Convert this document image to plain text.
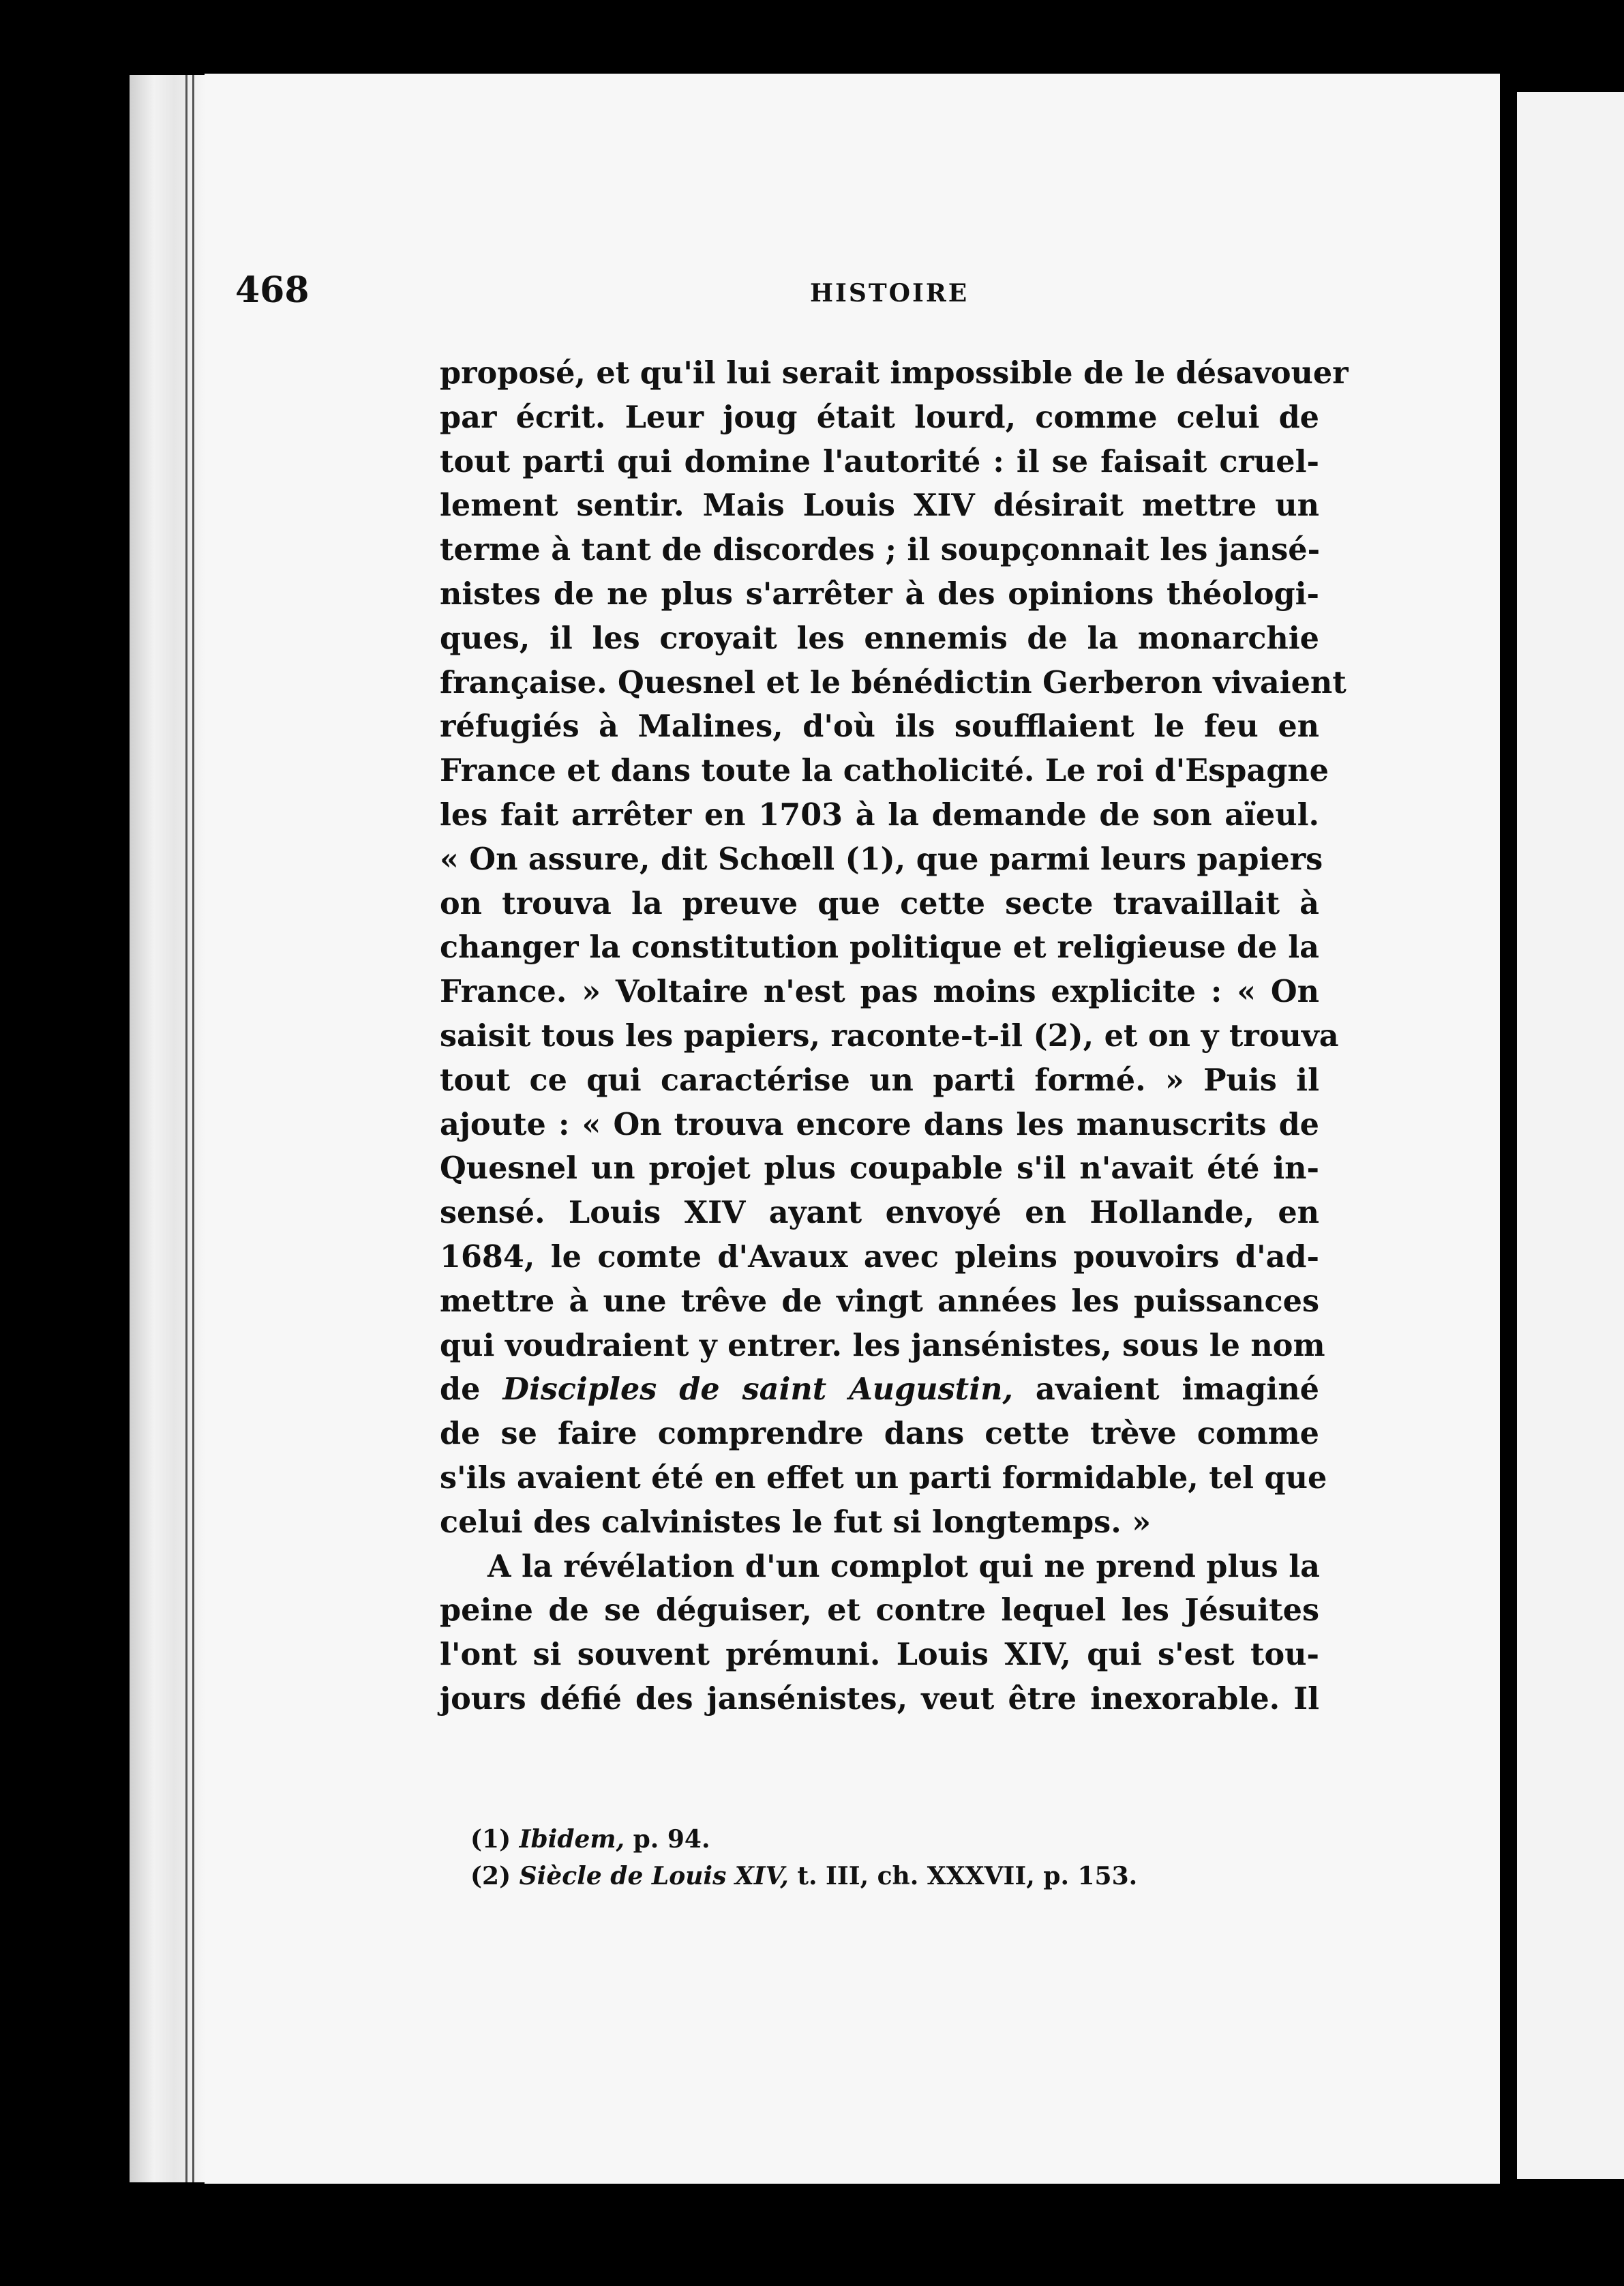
468	HISTOIRE

proposé, et qu'il lui serait impossible de le désavouer
par écrit. Leur joug était lourd, comme celui de
tout parti qui domine l'autorité : il se faisait cruel-
lement sentir. Mais Louis XIV désirait mettre un
terme à tant de discordes ; il soupçonnait les jansé-
nistes de ne plus s'arrêter à des opinions théologi-
ques, il les croyait les ennemis de la monarchie
française. Quesnel et le bénédictin Gerberon vivaient
réfugiés à Malines, d'où ils soufflaient le feu en
France et dans toute la catholicité. Le roi d'Espagne
les fait arrêter en 1703 à la demande de son aïeul.
« On assure, dit Schœll (1), que parmi leurs papiers
on trouva la preuve que cette secte travaillait à
changer la constitution politique et religieuse de la
France. » Voltaire n'est pas moins explicite : « On
saisit tous les papiers, raconte-t-il (2), et on y trouva
tout ce qui caractérise un parti formé. » Puis il
ajoute : « On trouva encore dans les manuscrits de
Quesnel un projet plus coupable s'il n'avait été in-
sensé. Louis XIV ayant envoyé en Hollande, en
1684, le comte d'Avaux avec pleins pouvoirs d'ad-
mettre à une trêve de vingt années les puissances
qui voudraient y entrer. les jansénistes, sous le nom
de Disciples de saint Augustin, avaient imaginé
de se faire comprendre dans cette trève comme
s'ils avaient été en effet un parti formidable, tel que
celui des calvinistes le fut si longtemps. »

A la révélation d'un complot qui ne prend plus la
peine de se déguiser, et contre lequel les Jésuites
l'ont si souvent prémuni. Louis XIV, qui s'est tou-
jours défié des jansénistes, veut être inexorable. Il

(1) Ibidem, p. 94.
(2) Siècle de Louis XIV, t. III, ch. XXXVII, p. 153.
